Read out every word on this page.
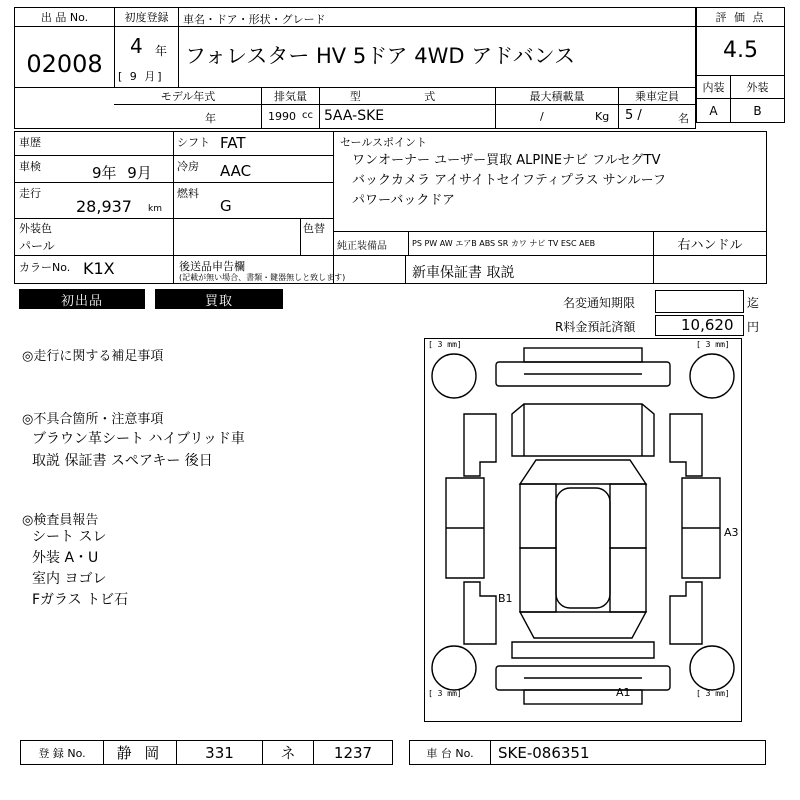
出 品 No.
02008
初度登録
4 年
[ 9 月]
車名・ドア・形状・グレード
フォレスター HV 5ドア 4WD アドバンス
評 価 点
4.5
内装	外装
A	B
モデル年式
年
排気量
1990 cc
型 式
5AA-SKE
最大積載量
/	Kg
乗車定員
5 /	名
車歴	シフト FAT
車検	9年 9月 冷房 AAC
走行
28,937 km
燃料
G
外装色
パール
色替
カラーNo. K1X	後送品申告欄
(記載が無い場合、書類・鍵器無しと致します)
セールスポイント
ワンオーナー ユーザー買取 ALPINEナビ フルセグTV
バックカメラ アイサイトセイフティプラス サンルーフ
パワーバックドア
純正装備品	PS PW AW エアB ABS SR カワ ナビ TV ESC AEB	右ハンドル
新車保証書 取説
初出品	買取	名変通知期限	迄
R料金預託済額	10,620 円
◎走行に関する補足事項
◎不具合箇所・注意事項
ブラウン革シート ハイブリッド車
取説 保証書 スペアキー 後日
◎検査員報告
シート スレ
外装 A・U
室内 ヨゴレ
Fガラス トビ石
[ 3 mm]	[ 3 mm]
[ 3 mm]	[ 3 mm]
A3
B1
A1
登 録 No.	静 岡	331	ネ	1237	車 台 No.	SKE-086351
